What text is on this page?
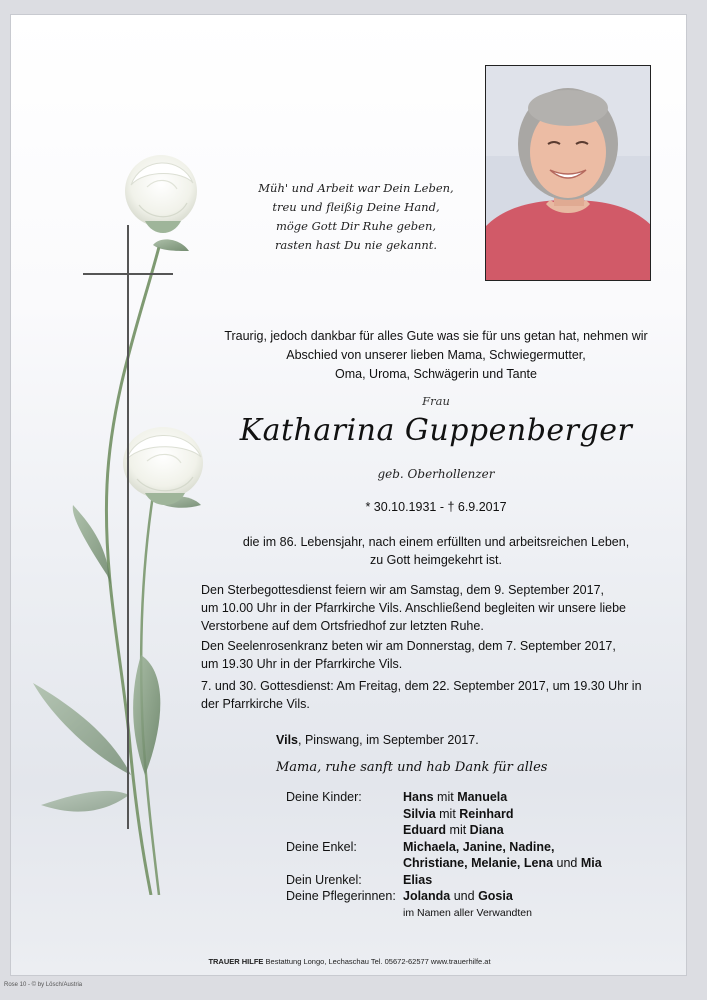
Müh' und Arbeit war Dein Leben,
treu und fleißig Deine Hand,
möge Gott Dir Ruhe geben,
rasten hast Du nie gekannt.
Traurig, jedoch dankbar für alles Gute was sie für uns getan hat, nehmen wir
Abschied von unserer lieben Mama, Schwiegermutter,
Oma, Uroma, Schwägerin und Tante
Frau
Katharina Guppenberger
geb. Oberhollenzer
* 30.10.1931 - † 6.9.2017
die im 86. Lebensjahr, nach einem erfüllten und arbeitsreichen Leben,
zu Gott heimgekehrt ist.
Den Sterbegottesdienst feiern wir am Samstag, dem 9. September 2017,
um 10.00 Uhr in der Pfarrkirche Vils. Anschließend begleiten wir unsere liebe
Verstorbene auf dem Ortsfriedhof zur letzten Ruhe.
Den Seelenrosenkranz beten wir am Donnerstag, dem 7. September 2017,
um 19.30 Uhr in der Pfarrkirche Vils.
7. und 30. Gottesdienst: Am Freitag, dem 22. September 2017, um 19.30 Uhr in
der Pfarrkirche Vils.
Vils, Pinswang, im September 2017.
Mama, ruhe sanft und hab Dank für alles
Deine Kinder:	Hans mit Manuela
Silvia mit Reinhard
Eduard mit Diana
Deine Enkel:	Michaela, Janine, Nadine,
Christiane, Melanie, Lena und Mia
Dein Urenkel:	Elias
Deine Pflegerinnen: Jolanda und Gosia
im Namen aller Verwandten
TRAUER HILFE Bestattung Longo, Lechaschau Tel. 05672-62577 www.trauerhilfe.at
Rose 10 - © by Lösch/Austria
